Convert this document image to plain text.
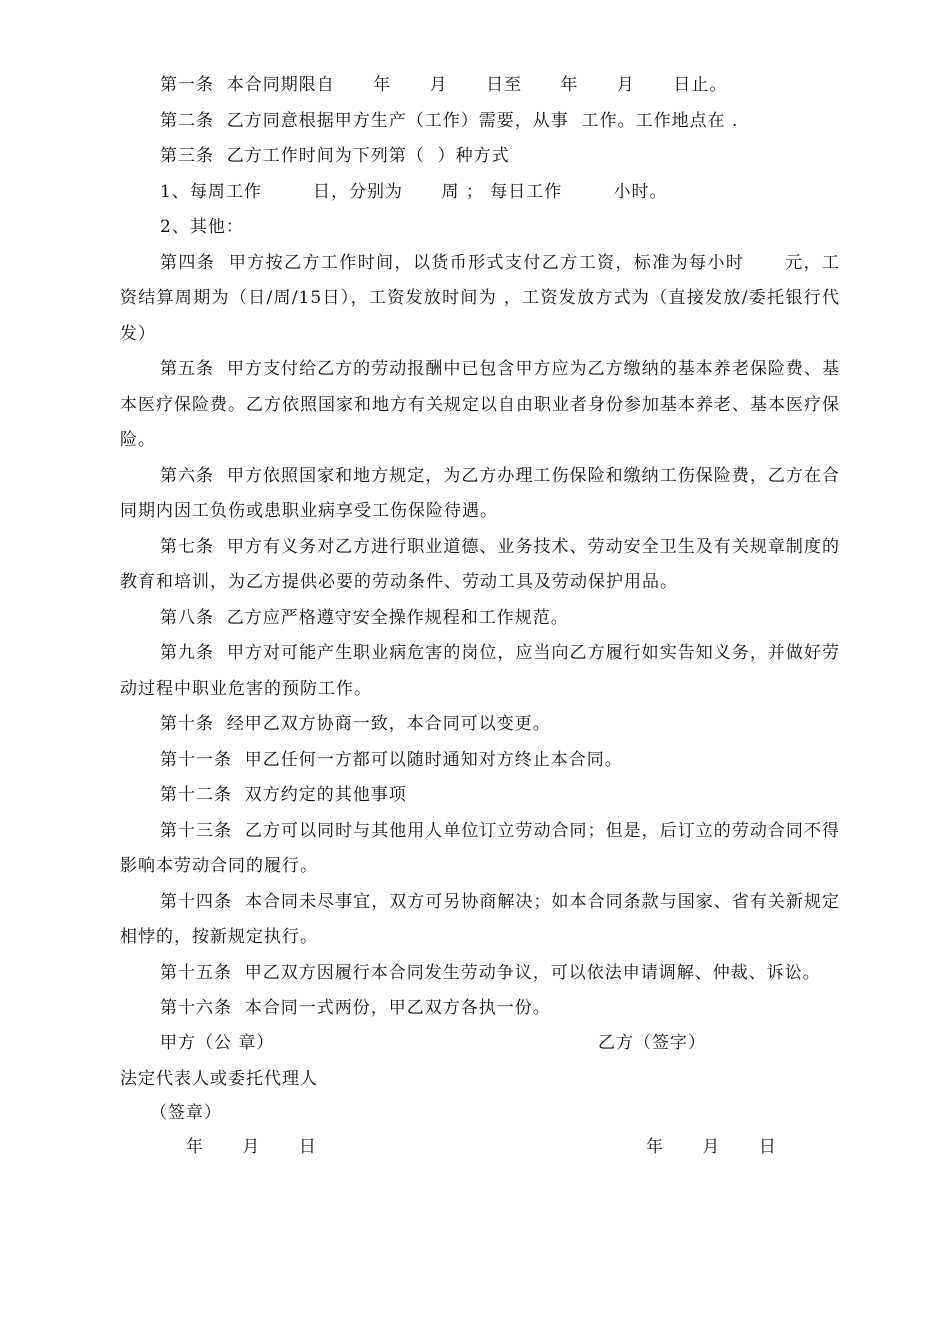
第一条  本合同期限自      年      月      日至      年      月      日止。

第二条  乙方同意根据甲方生产（工作）需要，从事  工作。工作地点在 .

第三条  乙方工作时间为下列第（  ）种方式

1、每周工作        日，分别为      周 ； 每日工作        小时。

2、其他：

第四条  甲方按乙方工作时间，以货币形式支付乙方工资，标准为每小时      元，工资结算周期为（日/周/15日），工资发放时间为 ，工资发放方式为（直接发放/委托银行代发）

第五条  甲方支付给乙方的劳动报酬中已包含甲方应为乙方缴纳的基本养老保险费、基本医疗保险费。乙方依照国家和地方有关规定以自由职业者身份参加基本养老、基本医疗保险。

第六条  甲方依照国家和地方规定，为乙方办理工伤保险和缴纳工伤保险费，乙方在合同期内因工负伤或患职业病享受工伤保险待遇。

第七条  甲方有义务对乙方进行职业道德、业务技术、劳动安全卫生及有关规章制度的教育和培训，为乙方提供必要的劳动条件、劳动工具及劳动保护用品。

第八条  乙方应严格遵守安全操作规程和工作规范。

第九条  甲方对可能产生职业病危害的岗位，应当向乙方履行如实告知义务，并做好劳动过程中职业危害的预防工作。

第十条  经甲乙双方协商一致，本合同可以变更。

第十一条  甲乙任何一方都可以随时通知对方终止本合同。

第十二条  双方约定的其他事项

第十三条  乙方可以同时与其他用人单位订立劳动合同；但是，后订立的劳动合同不得影响本劳动合同的履行。

第十四条  本合同未尽事宜，双方可另协商解决；如本合同条款与国家、省有关新规定相悖的，按新规定执行。

第十五条  甲乙双方因履行本合同发生劳动争议，可以依法申请调解、仲裁、诉讼。

第十六条  本合同一式两份，甲乙双方各执一份。

甲方（公 章）	乙方（签字）
法定代表人或委托代理人
（签章）
年      月      日	年      月      日
